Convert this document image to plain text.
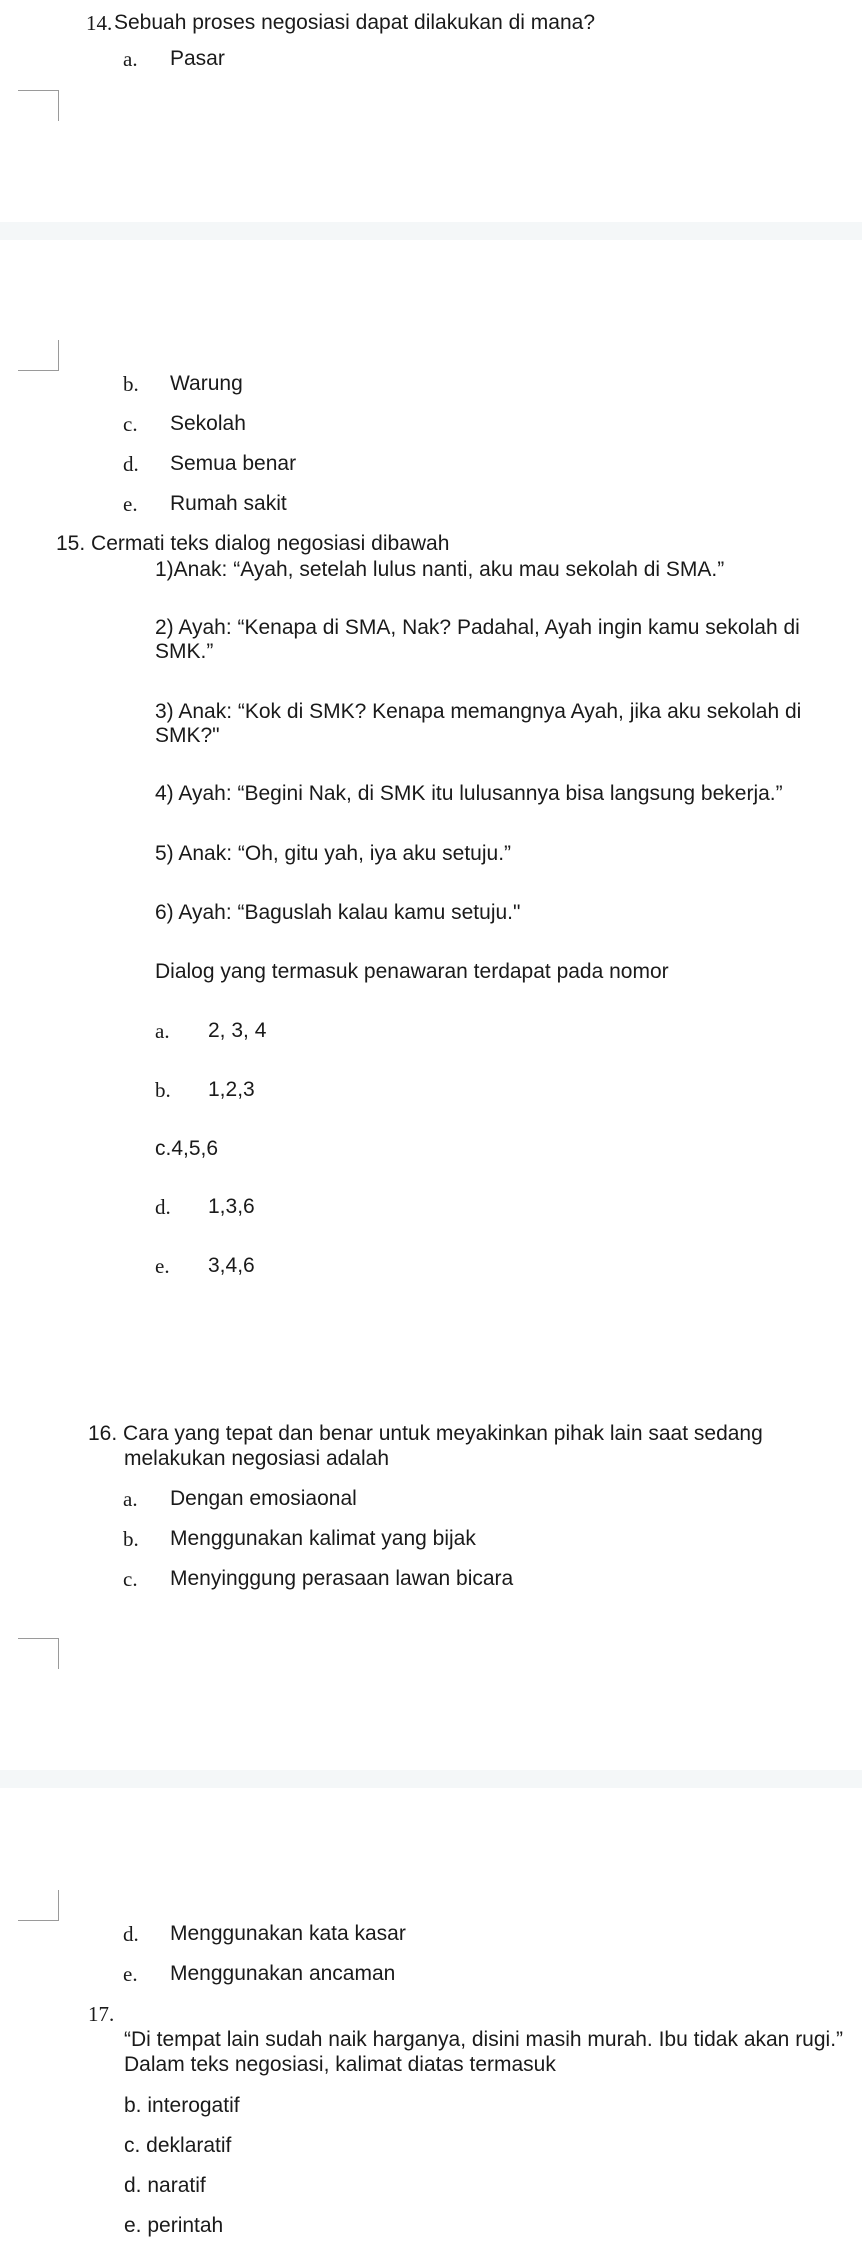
14. Sebuah proses negosiasi dapat dilakukan di mana?
a. Pasar
b. Warung
c. Sekolah
d. Semua benar
e. Rumah sakit
15. Cermati teks dialog negosiasi dibawah
1)Anak: “Ayah, setelah lulus nanti, aku mau sekolah di SMA.”
2) Ayah: “Kenapa di SMA, Nak? Padahal, Ayah ingin kamu sekolah di
SMK.”
3) Anak: “Kok di SMK? Kenapa memangnya Ayah, jika aku sekolah di
SMK?"
4) Ayah: “Begini Nak, di SMK itu lulusannya bisa langsung bekerja.”
5) Anak: “Oh, gitu yah, iya aku setuju.”
6) Ayah: “Baguslah kalau kamu setuju."
Dialog yang termasuk penawaran terdapat pada nomor
a. 2, 3, 4
b. 1,2,3
c.4,5,6
d. 1,3,6
e. 3,4,6
16. Cara yang tepat dan benar untuk meyakinkan pihak lain saat sedang
melakukan negosiasi adalah
a. Dengan emosiaonal
b. Menggunakan kalimat yang bijak
c. Menyinggung perasaan lawan bicara
d. Menggunakan kata kasar
e. Menggunakan ancaman
17.
“Di tempat lain sudah naik harganya, disini masih murah. Ibu tidak akan rugi.”
Dalam teks negosiasi, kalimat diatas termasuk
b. interogatif
c. deklaratif
d. naratif
e. perintah
